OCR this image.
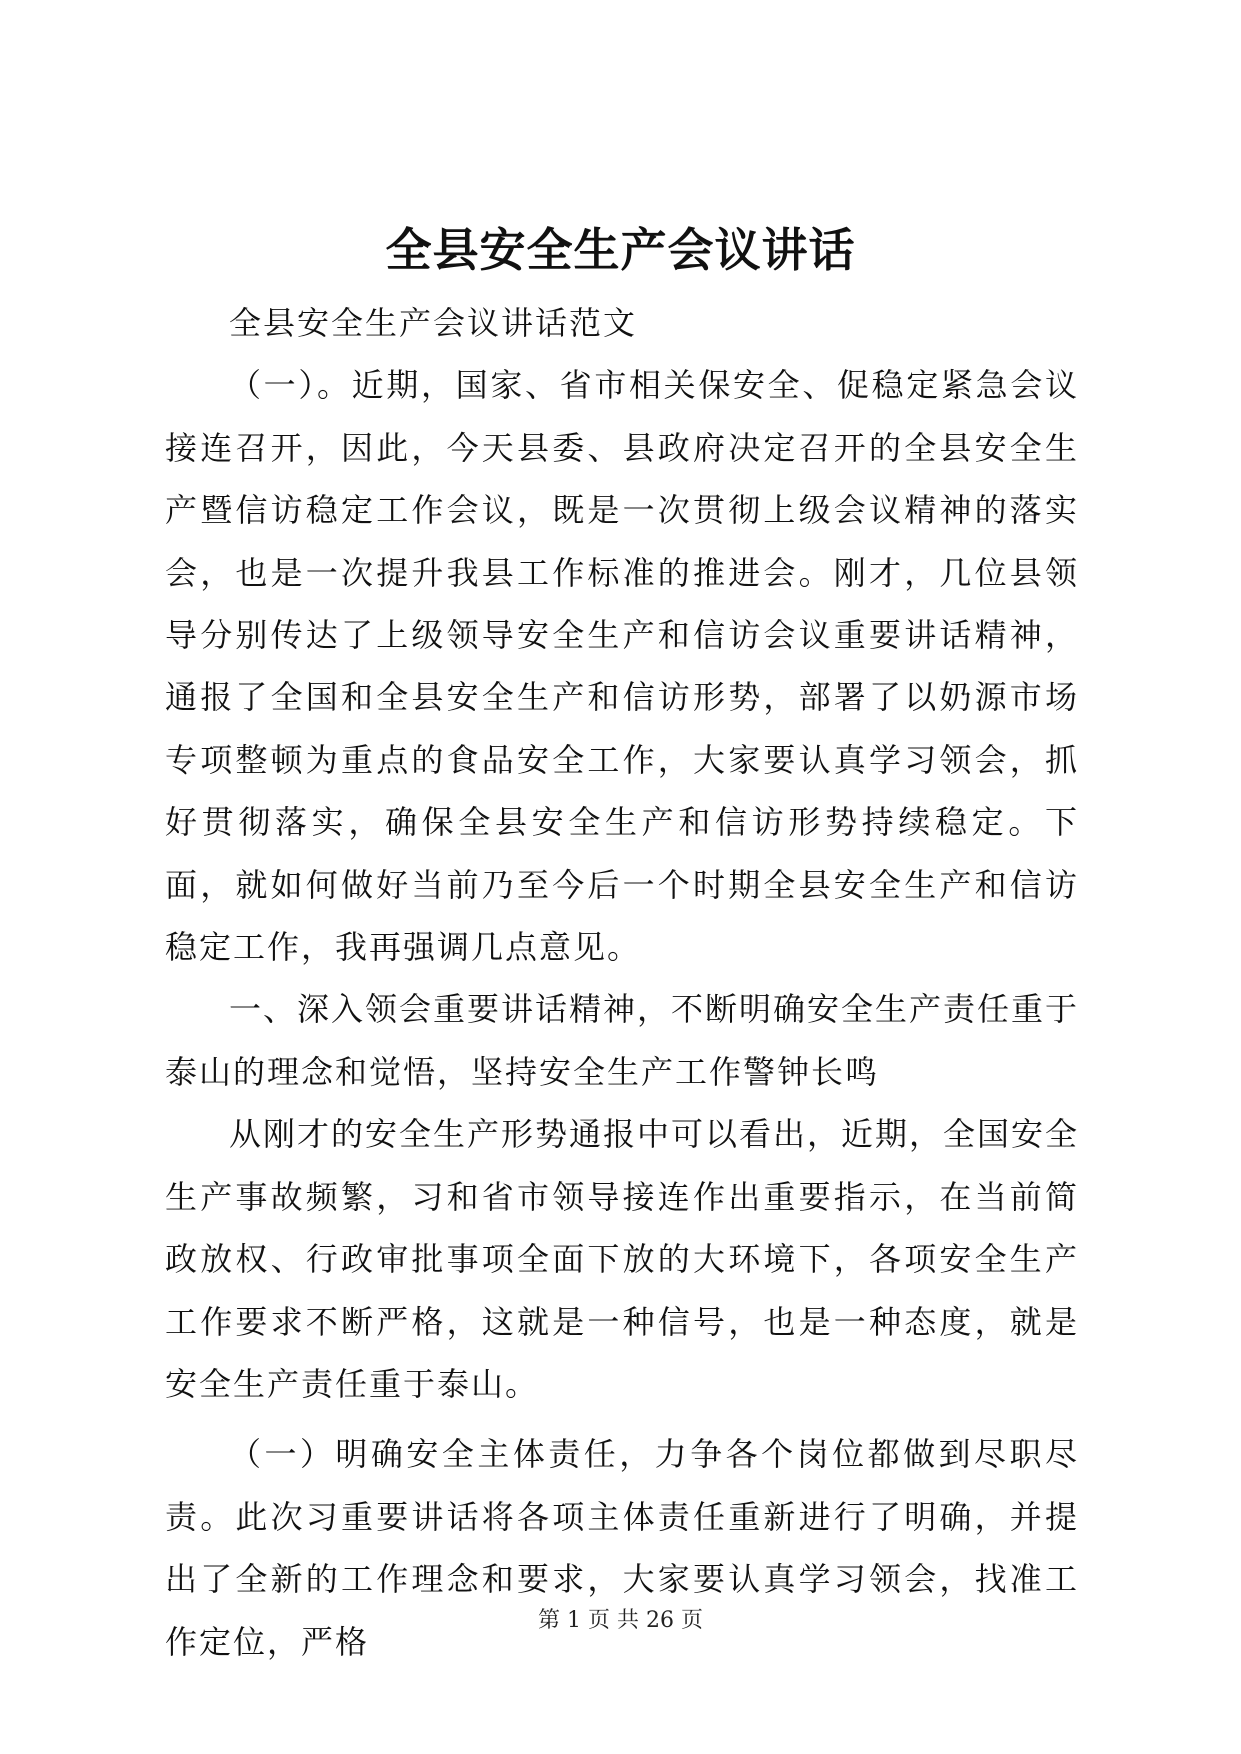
全县安全生产会议讲话

全县安全生产会议讲话范文

（一）。近期，国家、省市相关保安全、促稳定紧急会议接连召开，因此，今天县委、县政府决定召开的全县安全生产暨信访稳定工作会议，既是一次贯彻上级会议精神的落实会，也是一次提升我县工作标准的推进会。刚才，几位县领导分别传达了上级领导安全生产和信访会议重要讲话精神，通报了全国和全县安全生产和信访形势，部署了以奶源市场专项整顿为重点的食品安全工作，大家要认真学习领会，抓好贯彻落实，确保全县安全生产和信访形势持续稳定。下面，就如何做好当前乃至今后一个时期全县安全生产和信访稳定工作，我再强调几点意见。

一、深入领会重要讲话精神，不断明确安全生产责任重于泰山的理念和觉悟，坚持安全生产工作警钟长鸣

从刚才的安全生产形势通报中可以看出，近期，全国安全生产事故频繁，习和省市领导接连作出重要指示，在当前简政放权、行政审批事项全面下放的大环境下，各项安全生产工作要求不断严格，这就是一种信号，也是一种态度，就是安全生产责任重于泰山。

（一）明确安全主体责任，力争各个岗位都做到尽职尽责。此次习重要讲话将各项主体责任重新进行了明确，并提出了全新的工作理念和要求，大家要认真学习领会，找准工作定位，严格

第 1 页 共 26 页
